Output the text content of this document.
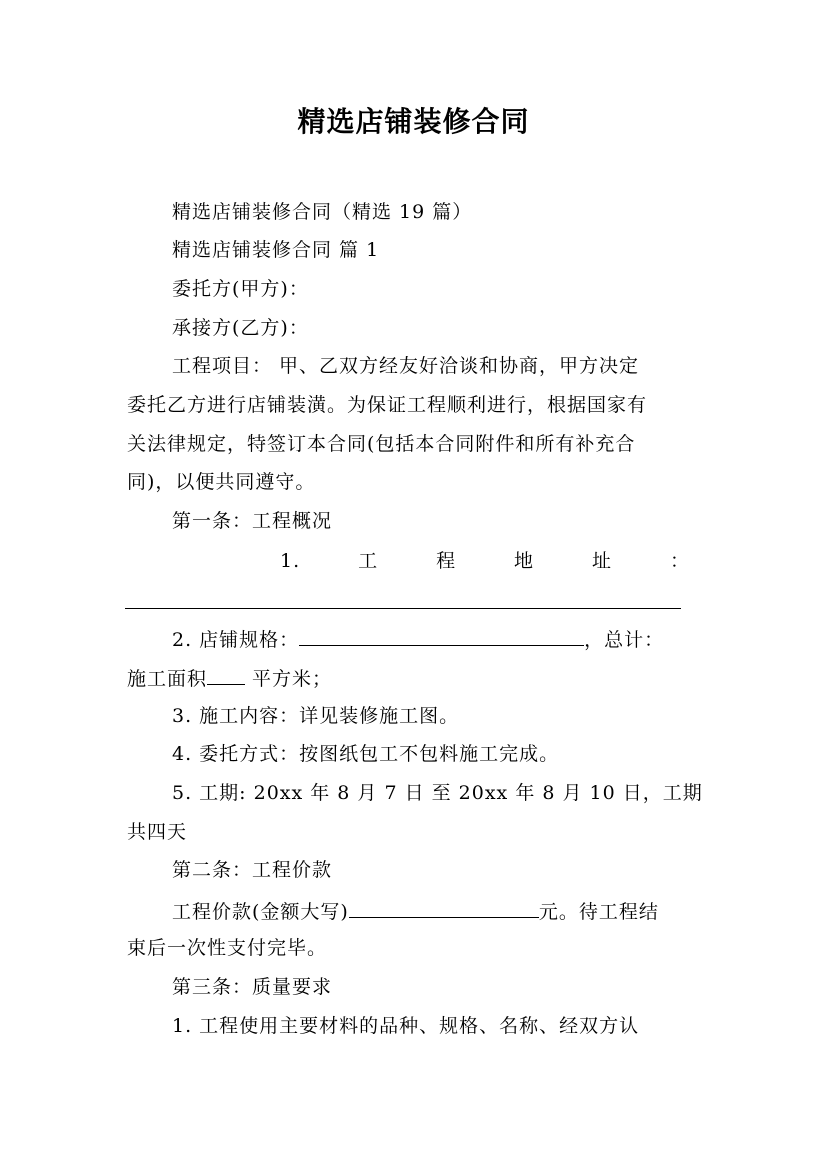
精选店铺装修合同
精选店铺装修合同（精选 19 篇）
精选店铺装修合同 篇 1
委托方(甲方)：
承接方(乙方)：
工程项目： 甲、乙双方经友好洽谈和协商，甲方决定
委托乙方进行店铺装潢。为保证工程顺利进行，根据国家有
关法律规定，特签订本合同(包括本合同附件和所有补充合
同)，以便共同遵守。
第一条：工程概况
1.	工	程	地	址	：
2. 店铺规格：	，总计：
施工面积 平方米；
3. 施工内容：详见装修施工图。
4. 委托方式：按图纸包工不包料施工完成。
5. 工期: 20xx 年 8 月 7 日 至 20xx 年 8 月 10 日，工期
共四天
第二条：工程价款
工程价款(金额大写)	元。待工程结
束后一次性支付完毕。
第三条：质量要求
1. 工程使用主要材料的品种、规格、名称、经双方认
